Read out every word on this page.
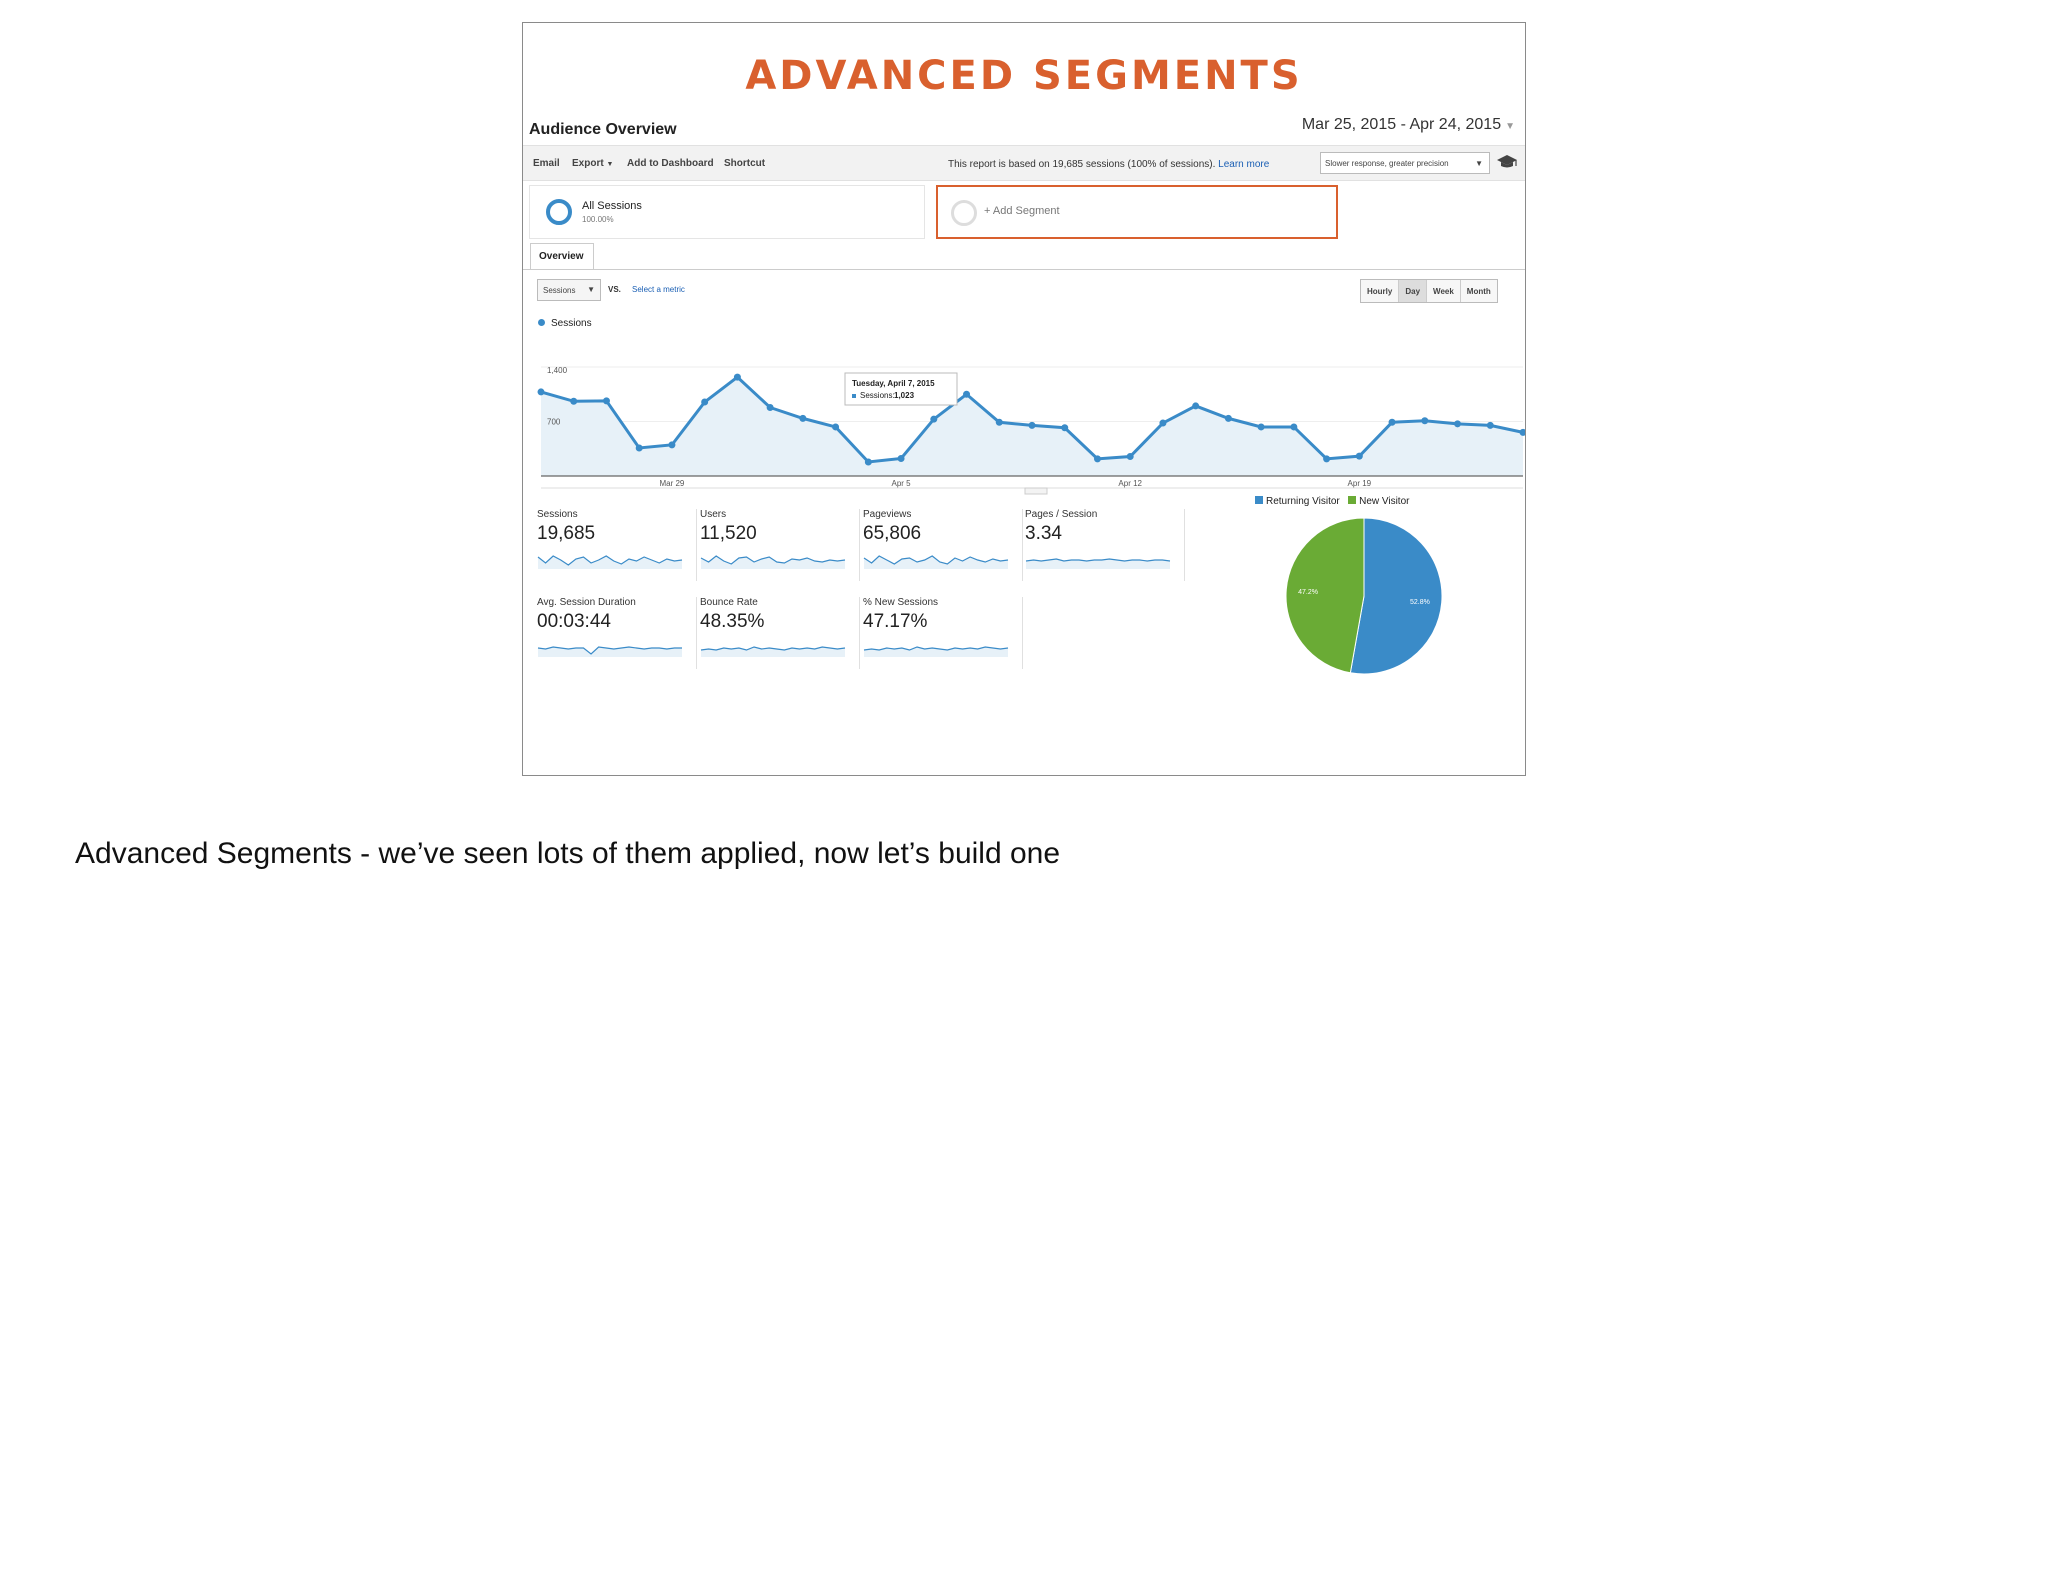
ADVANCED SEGMENTS
Audience Overview	Mar 25, 2015 - Apr 24, 2015 ▼
Email Export ▼ Add to Dashboard Shortcut	This report is based on 19,685 sessions (100% of sessions). Learn more	Slower response, greater precision	▼
All Sessions
100.00%
+ Add Segment
Overview
Sessions ▼ VS. Select a metric	Hourly	Day	Week	Month
Sessions
1,400
700
Mar 29	Apr 5	Apr 12	Apr 19
Tuesday, April 7, 2015
Sessions: 1,023
Sessions
19,685
Users
11,520
Pageviews
65,806
Pages / Session
3.34
Avg. Session Duration
00:03:44
Bounce Rate
48.35%
% New Sessions
47.17%
Returning Visitor New Visitor
52.8%
47.2%
Advanced Segments - we’ve seen lots of them applied, now let’s build one
